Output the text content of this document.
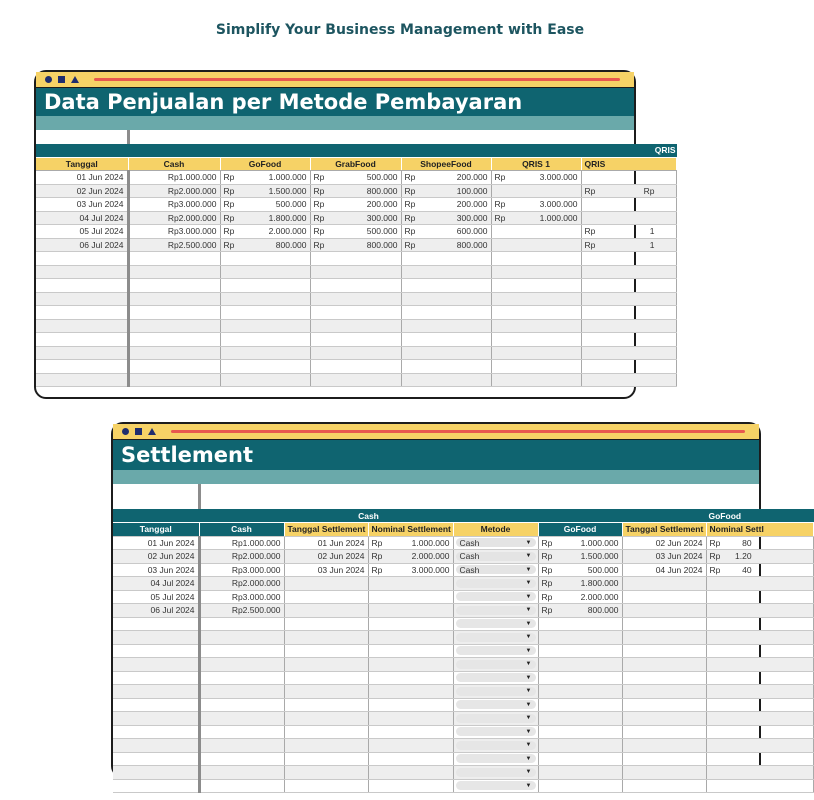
Simplify Your Business Management with Ease
Data Penjualan per Metode Pembayaran

					QRIS	
Tanggal	Cash	GoFood	GrabFood	ShopeeFood	QRIS 1	QRIS
01 Jun 2024	Rp1.000.000	Rp 1.000.000	Rp 500.000	Rp 200.000	Rp 3.000.000	

02 Jun 2024	Rp2.000.000	Rp 1.500.000	Rp 800.000	Rp 100.000		Rp Rp

03 Jun 2024	Rp3.000.000	Rp 500.000	Rp 200.000	Rp 200.000	Rp 3.000.000	

04 Jul 2024	Rp2.000.000	Rp 1.800.000	Rp 300.000	Rp 300.000	Rp 1.000.000	

05 Jul 2024	Rp3.000.000	Rp 2.000.000	Rp 500.000	Rp 600.000		Rp 1

06 Jul 2024	Rp2.500.000	Rp 800.000	Rp 800.000	Rp 800.000		Rp 1

Settlement

	Cash				GoFood		
Tanggal	Cash	Tanggal Settlement	Nominal Settlement	Metode	GoFood	Tanggal Settlement	Nominal Settl
01 Jun 2024	Rp1.000.000	01 Jun 2024	Rp 1.000.000	Cash ▼	Rp 1.000.000	02 Jun 2024	Rp 80

02 Jun 2024	Rp2.000.000	02 Jun 2024	Rp 2.000.000	Cash ▼	Rp 1.500.000	03 Jun 2024	Rp 1.20

03 Jun 2024	Rp3.000.000	03 Jun 2024	Rp 3.000.000	Cash ▼	Rp 500.000	04 Jun 2024	Rp 40

04 Jul 2024	Rp2.000.000			▼	Rp 1.800.000		

05 Jul 2024	Rp3.000.000			▼	Rp 2.000.000		

06 Jul 2024	Rp2.500.000			▼	Rp 800.000		

				▼			

				▼			

				▼			

				▼			

				▼			

				▼			

				▼			

				▼			

				▼			

				▼			

				▼			

				▼			

				▼			
